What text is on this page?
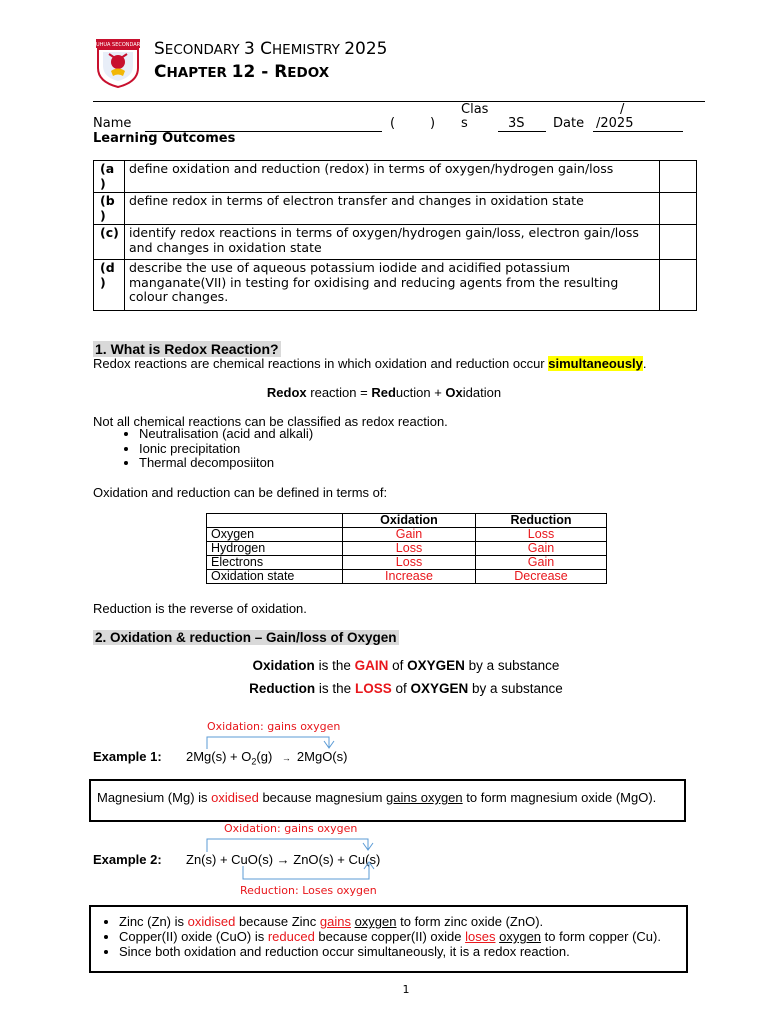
FUHUA SECONDARY SECONDARY 3 CHEMISTRY 2025
CHAPTER 12 - REDOX
Name	(	)
Clas
s	3S Date
/
/2025
Learning Outcomes
(a
)	define oxidation and reduction (redox) in terms of oxygen/hydrogen gain/loss	
(b
)	define redox in terms of electron transfer and changes in oxidation state	
(c)	identify redox reactions in terms of oxygen/hydrogen gain/loss, electron gain/loss and changes in oxidation state	
(d
)	describe the use of aqueous potassium iodide and acidified potassium manganate(VII) in testing for oxidising and reducing agents from the resulting colour changes.	
1. What is Redox Reaction?
Redox reactions are chemical reactions in which oxidation and reduction occur simultaneously.
Redox reaction = Reduction + Oxidation
Not all chemical reactions can be classified as redox reaction.
• Neutralisation (acid and alkali)
• Ionic precipitation
• Thermal decomposiiton
Oxidation and reduction can be defined in terms of:
	Oxidation	Reduction
Oxygen	Gain	Loss
Hydrogen	Loss	Gain
Electrons	Loss	Gain
Oxidation state	Increase	Decrease
Reduction is the reverse of oxidation.
2. Oxidation & reduction – Gain/loss of Oxygen
Oxidation is the GAIN of OXYGEN by a substance
Reduction is the LOSS of OXYGEN by a substance
Oxidation: gains oxygen
Example 1: $2Mg(s) + O_2(g) \to 2MgO(s)$
Magnesium (Mg) is oxidised because magnesium gains oxygen to form magnesium oxide (MgO).
Oxidation: gains oxygen
Example 2: Zn(s) + CuO(s) → ZnO(s) + Cu(s)
Reduction: Loses oxygen
• Zinc (Zn) is oxidised because Zinc gains oxygen to form zinc oxide (ZnO).
• Copper(II) oxide (CuO) is reduced because copper(II) oxide loses oxygen to form copper (Cu).
• Since both oxidation and reduction occur simultaneously, it is a redox reaction.
1
